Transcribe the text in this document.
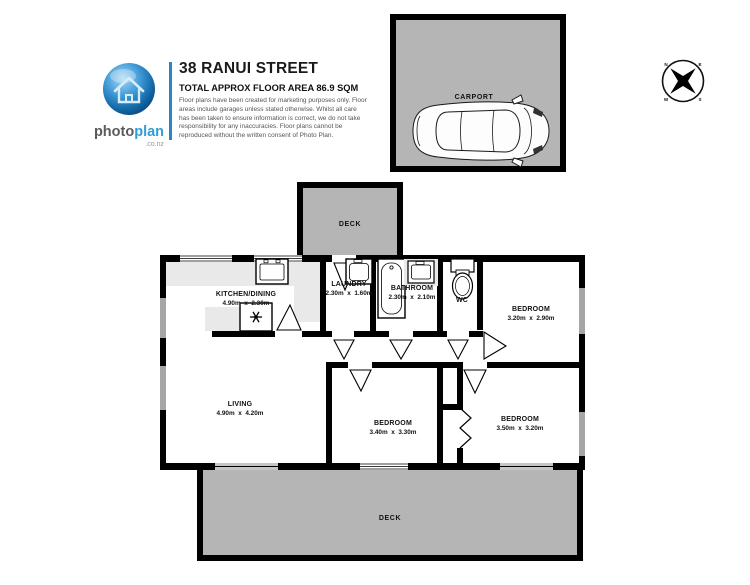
photoplan
.co.nz
38 RANUI STREET
TOTAL APPROX FLOOR AREA 86.9 SQM

Floor plans have been created for marketing purposes only. Floor areas include garages unless stated otherwise. Whilst all care has been taken to ensure information is correct, we do not take responsibility for any inaccuracies. Floor plans cannot be reproduced without the written consent of Photo Plan.

CARPORT
N	E
W	S
DECK
DECK
KITCHEN/DINING
4.90m  x  2.30m
LAUNDRY
2.30m  x  1.60m
BATHROOM
2.30m  x  2.10m	WC
BEDROOM
3.20m  x  2.90m
LIVING
4.90m  x  4.20m
BEDROOM
3.40m  x  3.30m
BEDROOM
3.50m  x  3.20m
